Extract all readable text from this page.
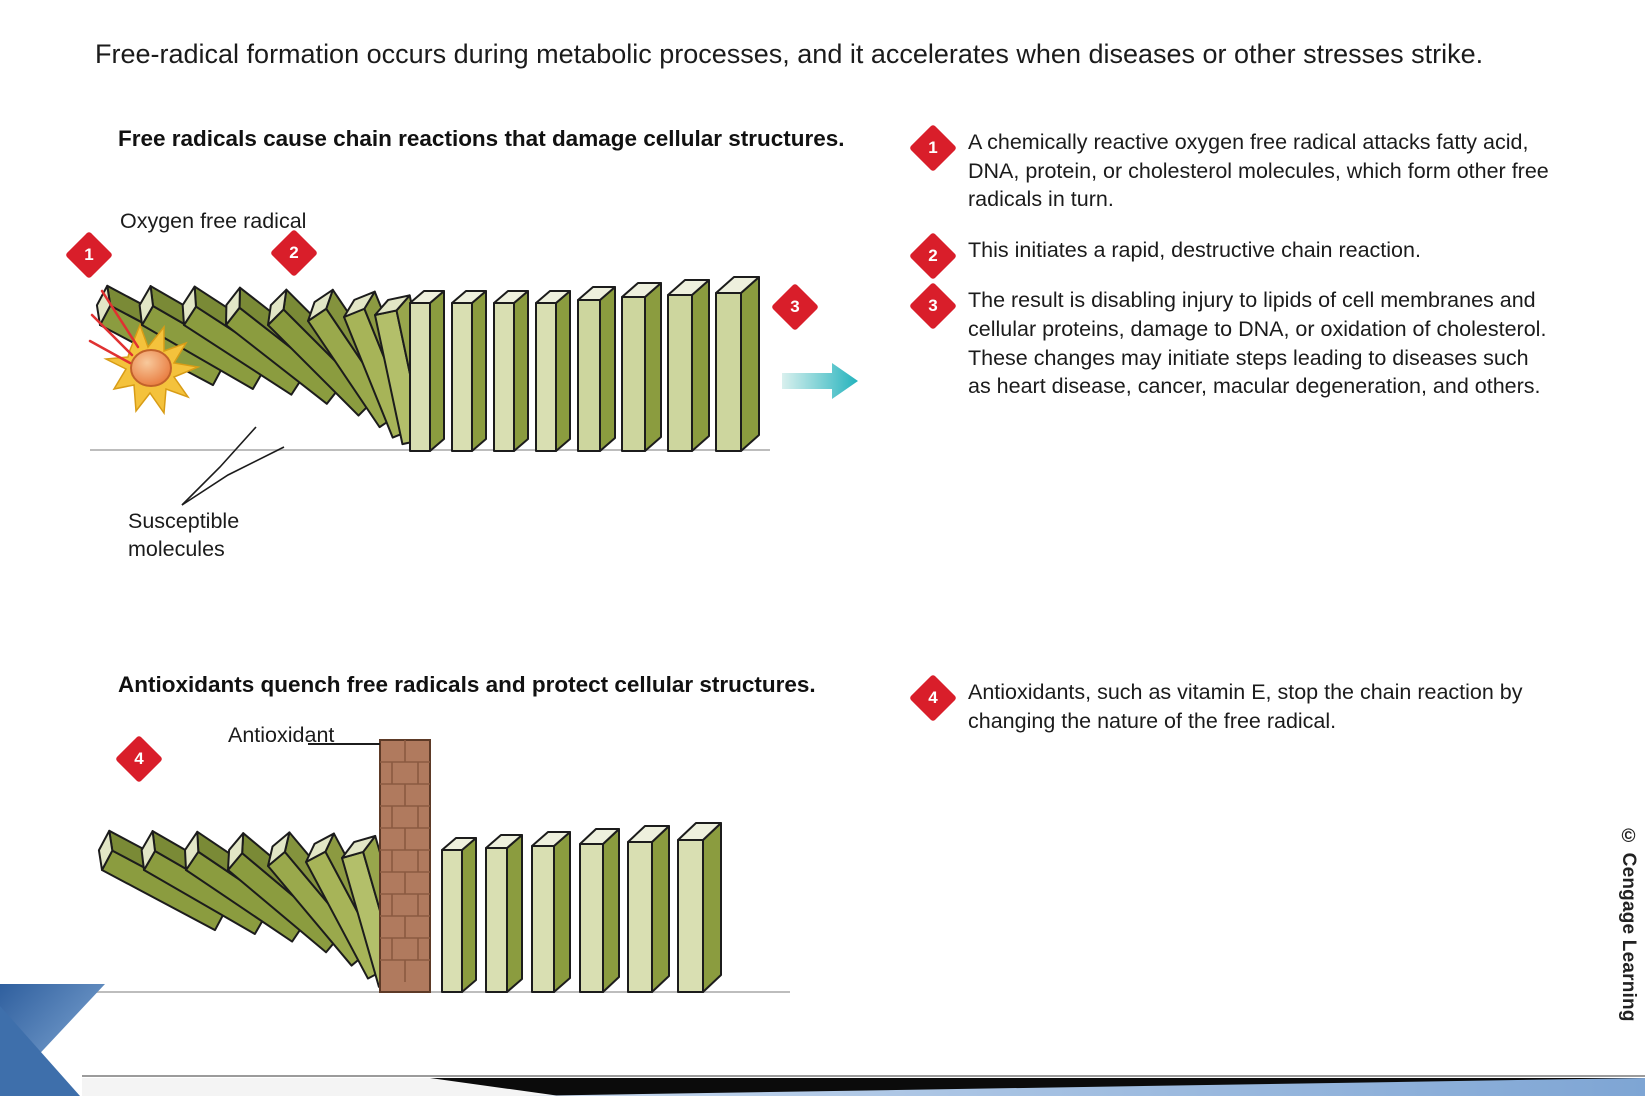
Free-radical formation occurs during metabolic processes, and it accelerates when diseases or other stresses strike.
Free radicals cause chain reactions that damage cellular structures.
1	2
3
Oxygen free radical
Susceptible molecules
1	A chemically reactive oxygen free radical attacks fatty acid, DNA, protein, or cholesterol molecules, which form other free radicals in turn.
2	This initiates a rapid, destructive chain reaction.
3	The result is disabling injury to lipids of cell membranes and cellular proteins, damage to DNA, or oxidation of cholesterol. These changes may initiate steps leading to diseases such as heart disease, cancer, macular degeneration, and others.
Antioxidants quench free radicals and protect cellular structures.
4
Antioxidant
4	Antioxidants, such as vitamin E, stop the chain reaction by changing the nature of the free radical.
© Cengage Learning
